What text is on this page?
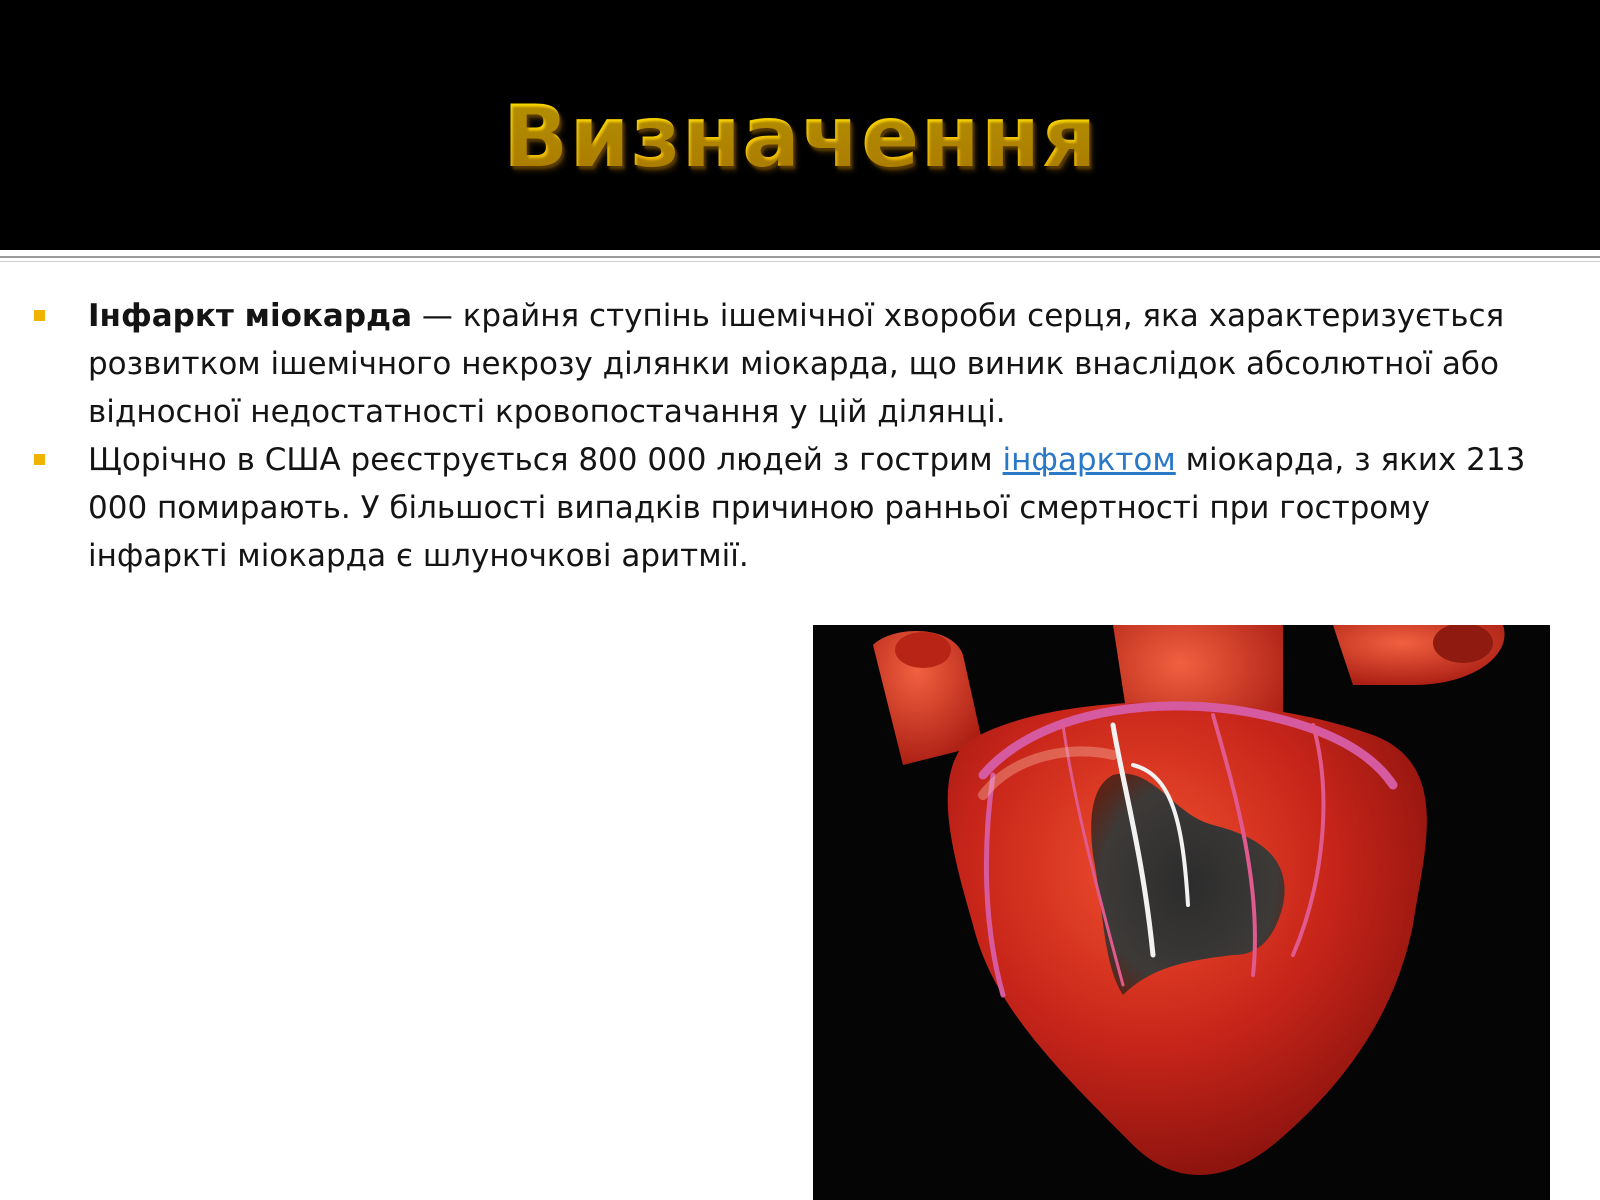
Визначення
Інфаркт міокарда — крайня ступінь ішемічної хвороби серця, яка характеризується розвитком ішемічного некрозу ділянки міокарда, що виник внаслідок абсолютної або відносної недостатності кровопостачання у цій ділянці.
Щорічно в США реєструється 800 000 людей з гострим інфарктом міокарда, з яких 213 000 помирають. У більшості випадків причиною ранньої смертності при гострому інфаркті міокарда є шлуночкові аритмії.
